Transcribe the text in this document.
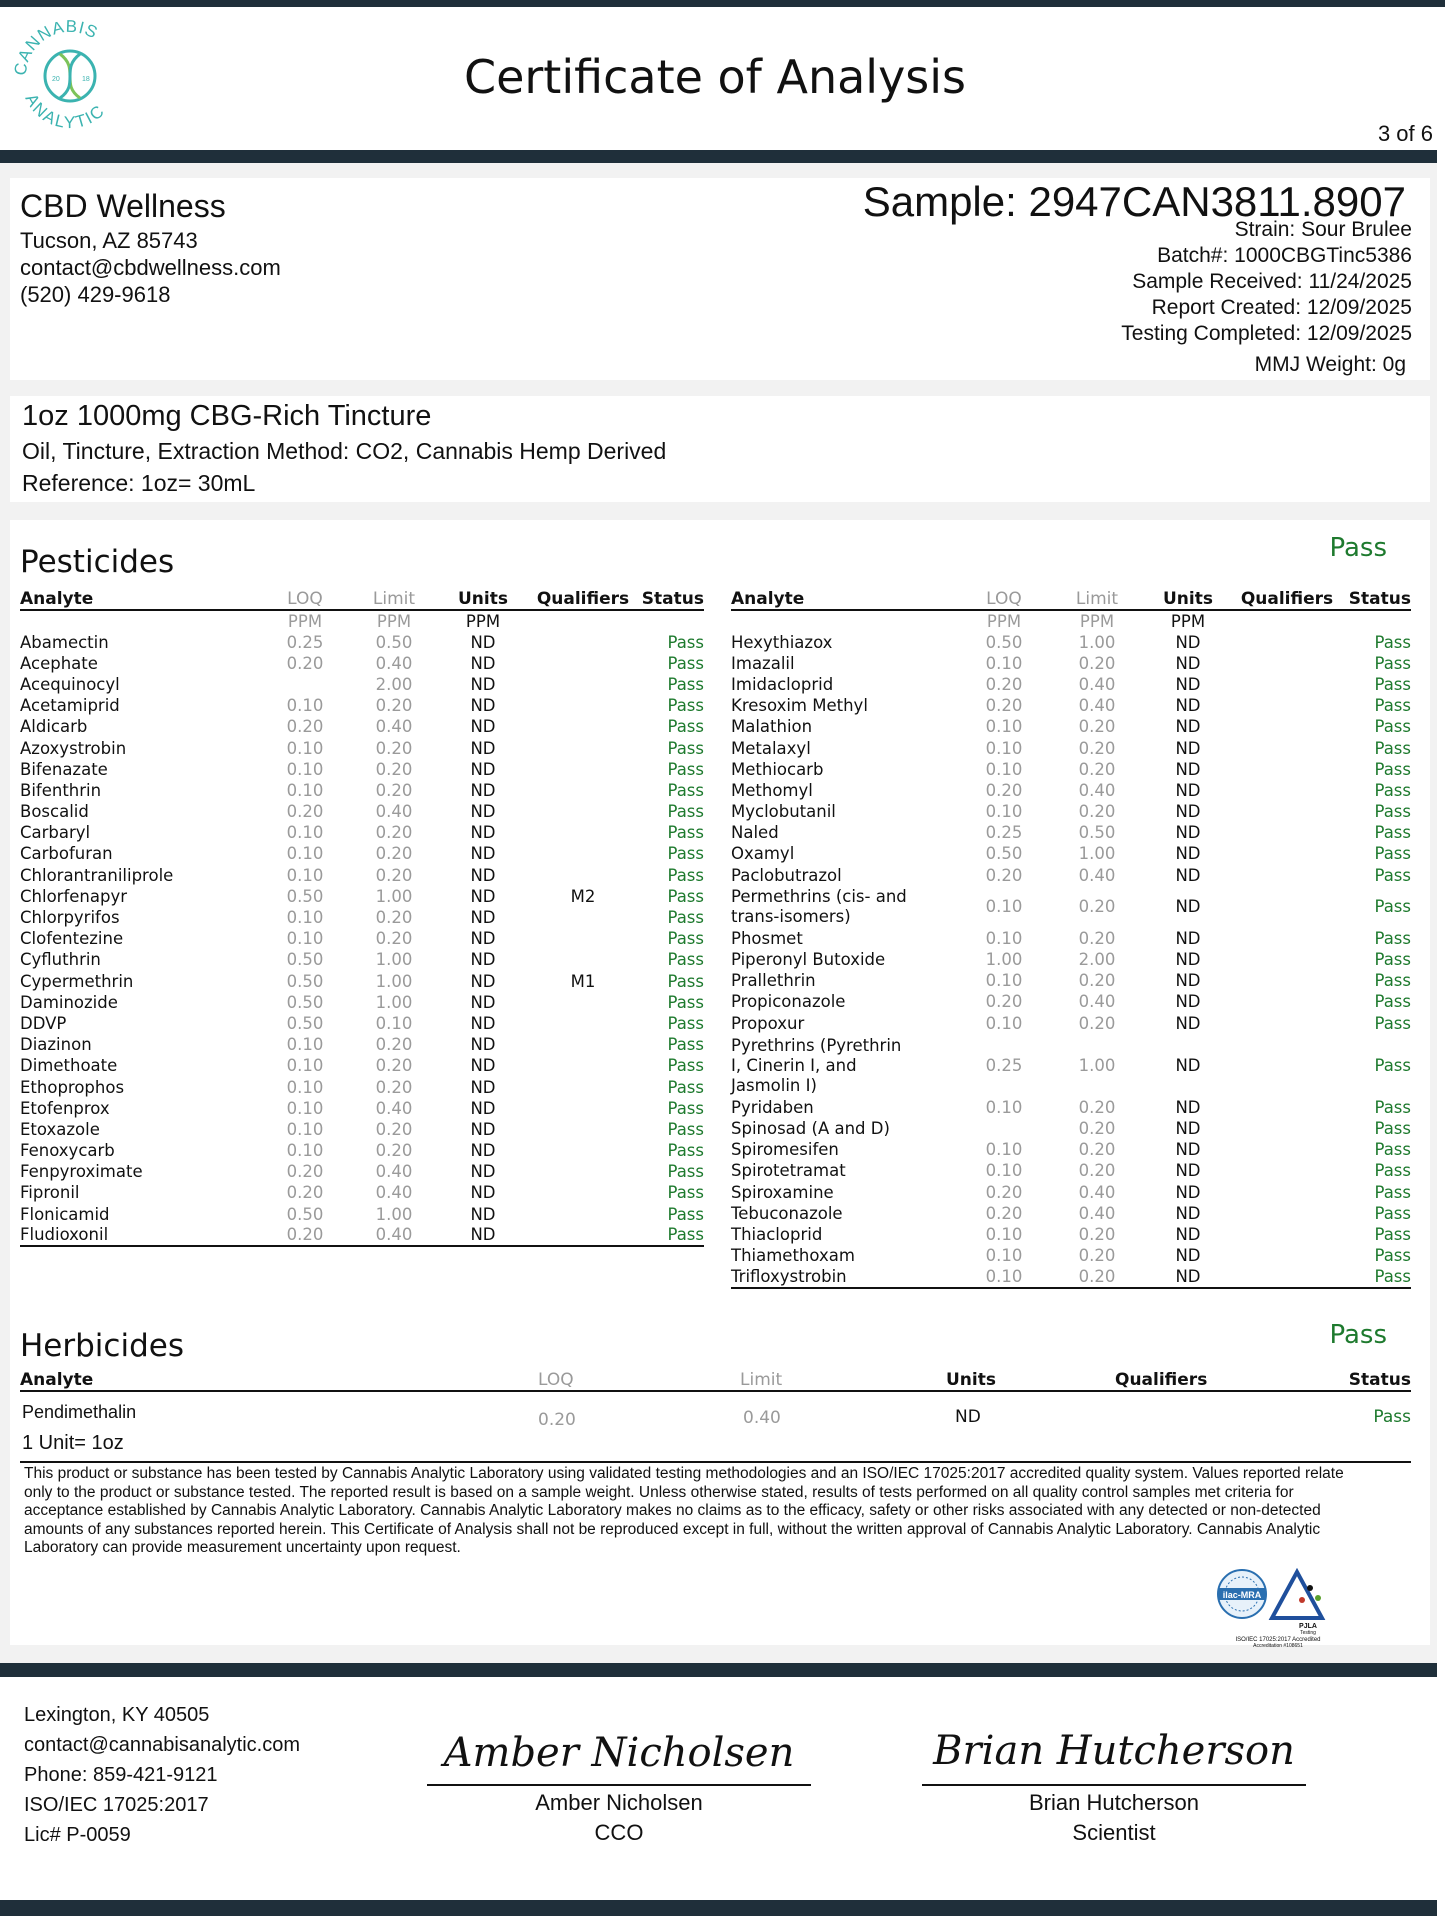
CANNABIS
ANALYTIC
20	18	Certificate of Analysis
3 of 6
CBD Wellness
Tucson, AZ 85743
contact@cbdwellness.com
(520) 429-9618
Sample: 2947CAN3811.8907
Strain: Sour Brulee
Batch#: 1000CBGTinc5386
Sample Received: 11/24/2025
Report Created: 12/09/2025
Testing Completed: 12/09/2025
MMJ Weight: 0g
1oz 1000mg CBG-Rich Tincture
Oil, Tincture, Extraction Method: CO2, Cannabis Hemp Derived
Reference: 1oz= 30mL
Pesticides	Pass
Analyte	LOQ	Limit	Units	Qualifiers	Status
	PPM	PPM	PPM		
Abamectin	0.25	0.50	ND		Pass
Acephate	0.20	0.40	ND		Pass
Acequinocyl		2.00	ND		Pass
Acetamiprid	0.10	0.20	ND		Pass
Aldicarb	0.20	0.40	ND		Pass
Azoxystrobin	0.10	0.20	ND		Pass
Bifenazate	0.10	0.20	ND		Pass
Bifenthrin	0.10	0.20	ND		Pass
Boscalid	0.20	0.40	ND		Pass
Carbaryl	0.10	0.20	ND		Pass
Carbofuran	0.10	0.20	ND		Pass
Chlorantraniliprole	0.10	0.20	ND		Pass
Chlorfenapyr	0.50	1.00	ND	M2	Pass
Chlorpyrifos	0.10	0.20	ND		Pass
Clofentezine	0.10	0.20	ND		Pass
Cyfluthrin	0.50	1.00	ND		Pass
Cypermethrin	0.50	1.00	ND	M1	Pass
Daminozide	0.50	1.00	ND		Pass
DDVP	0.50	0.10	ND		Pass
Diazinon	0.10	0.20	ND		Pass
Dimethoate	0.10	0.20	ND		Pass
Ethoprophos	0.10	0.20	ND		Pass
Etofenprox	0.10	0.40	ND		Pass
Etoxazole	0.10	0.20	ND		Pass
Fenoxycarb	0.10	0.20	ND		Pass
Fenpyroximate	0.20	0.40	ND		Pass
Fipronil	0.20	0.40	ND		Pass
Flonicamid	0.50	1.00	ND		Pass
Fludioxonil	0.20	0.40	ND		Pass
Analyte	LOQ	Limit	Units	Qualifiers	Status
	PPM	PPM	PPM		
Hexythiazox	0.50	1.00	ND		Pass
Imazalil	0.10	0.20	ND		Pass
Imidacloprid	0.20	0.40	ND		Pass
Kresoxim Methyl	0.20	0.40	ND		Pass
Malathion	0.10	0.20	ND		Pass
Metalaxyl	0.10	0.20	ND		Pass
Methiocarb	0.10	0.20	ND		Pass
Methomyl	0.20	0.40	ND		Pass
Myclobutanil	0.10	0.20	ND		Pass
Naled	0.25	0.50	ND		Pass
Oxamyl	0.50	1.00	ND		Pass
Paclobutrazol	0.20	0.40	ND		Pass

Permethrins (cis- and
trans-isomers)	0.10	0.20	ND		Pass
Phosmet	0.10	0.20	ND		Pass
Piperonyl Butoxide	1.00	2.00	ND		Pass
Prallethrin	0.10	0.20	ND		Pass
Propiconazole	0.20	0.40	ND		Pass
Propoxur	0.10	0.20	ND		Pass

Pyrethrins (Pyrethrin
I, Cinerin I, and
Jasmolin I)	0.25	1.00	ND		Pass
Pyridaben	0.10	0.20	ND		Pass
Spinosad (A and D)		0.20	ND		Pass
Spiromesifen	0.10	0.20	ND		Pass
Spirotetramat	0.10	0.20	ND		Pass
Spiroxamine	0.20	0.40	ND		Pass
Tebuconazole	0.20	0.40	ND		Pass
Thiacloprid	0.10	0.20	ND		Pass
Thiamethoxam	0.10	0.20	ND		Pass
Trifloxystrobin	0.10	0.20	ND		Pass
Herbicides	Pass
Analyte	LOQ	Limit	Units	Qualifiers	Status
Pendimethalin	0.20	0.40	ND	Pass
1 Unit= 1oz
This product or substance has been tested by Cannabis Analytic Laboratory using validated testing methodologies and an ISO/IEC 17025:2017 accredited quality system. Values reported relate only to the product or substance tested. The reported result is based on a sample weight. Unless otherwise stated, results of tests performed on all quality control samples met criteria for acceptance established by Cannabis Analytic Laboratory. Cannabis Analytic Laboratory makes no claims as to the efficacy, safety or other risks associated with any detected or non-detected amounts of any substances reported herein. This Certificate of Analysis shall not be reproduced except in full, without the written approval of Cannabis Analytic Laboratory. Cannabis Analytic Laboratory can provide measurement uncertainty upon request.
ilac-MRA
PJLA
Testing
ISO/IEC 17025:2017 Accredited
Accreditation #108651
Lexington, KY 40505
contact@cannabisanalytic.com
Phone: 859-421-9121
ISO/IEC 17025:2017
Lic# P-0059
Amber Nicholsen
Amber Nicholsen
CCO
Brian Hutcherson
Brian Hutcherson
Scientist
